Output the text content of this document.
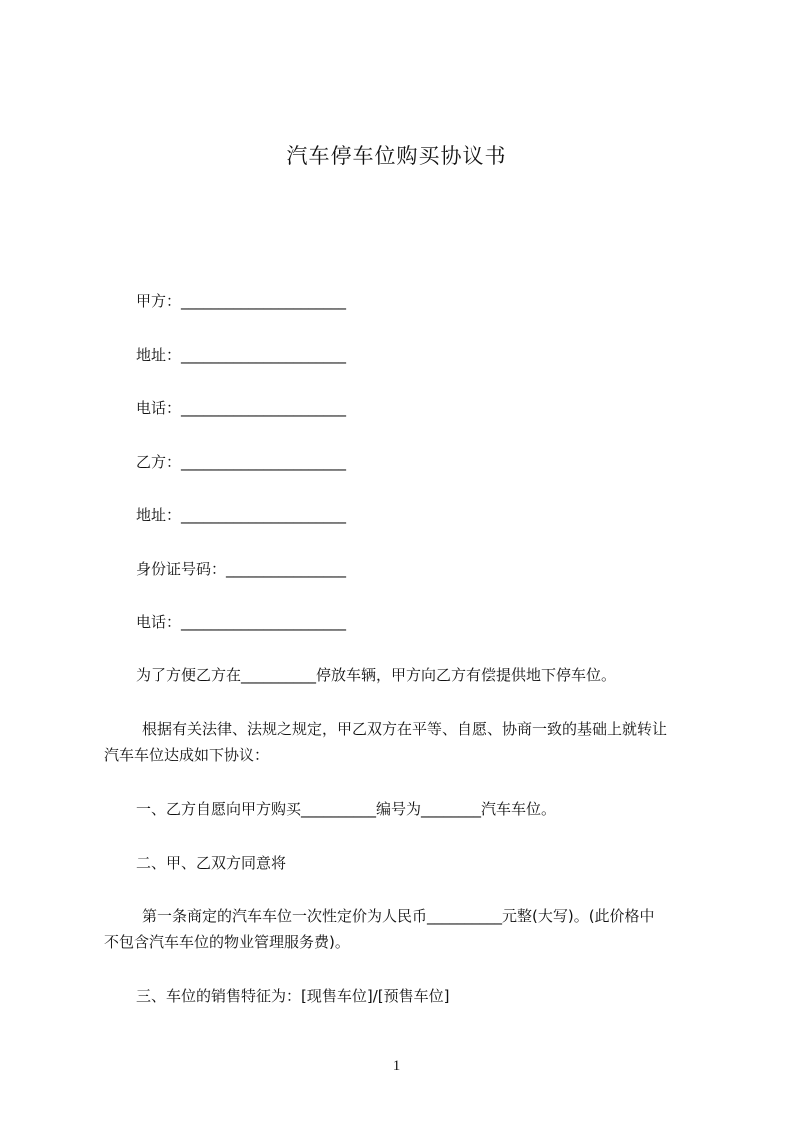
汽车停车位购买协议书
甲方：______________________
地址：______________________
电话：______________________
乙方：______________________
地址：______________________
身份证号码：________________
电话：______________________
为了方便乙方在__________停放车辆，甲方向乙方有偿提供地下停车位。
根据有关法律、法规之规定，甲乙双方在平等、自愿、协商一致的基础上就转让
汽车车位达成如下协议：
一、乙方自愿向甲方购买__________编号为________汽车车位。
二、甲、乙双方同意将
第一条商定的汽车车位一次性定价为人民币__________元整(大写)。(此价格中
不包含汽车车位的物业管理服务费)。
三、车位的销售特征为：[现售车位]/[预售车位]
1
